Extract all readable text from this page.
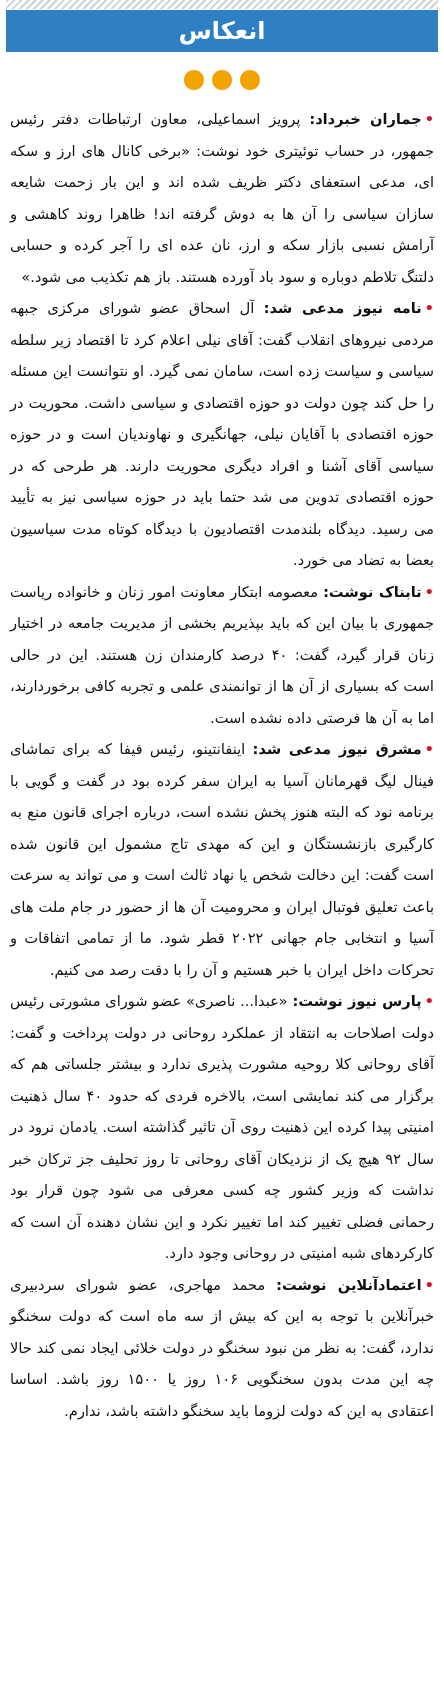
انعکاس

•جماران خبرداد: پرویز اسماعیلی، معاون ارتباطات دفتر رئیس جمهور، در حساب توئیتری خود نوشت: «برخی کانال های ارز و سکه ای، مدعی استعفای دکتر ظریف شده اند و این بار زحمت شایعه سازان سیاسی را آن ها به دوش گرفته اند! ظاهرا روند کاهشی و آرامش نسبی بازار سکه و ارز، نان عده ای را آجر کرده و حسابی دلتنگ تلاطم دوباره و سود باد آورده هستند. باز هم تکذیب می شود.»

•نامه نیوز مدعی شد: آل اسحاق عضو شورای مرکزی جبهه مردمی نیروهای انقلاب گفت: آقای نیلی اعلام کرد تا اقتصاد زیر سلطه سیاسی و سیاست زده است، سامان نمی گیرد. او نتوانست این مسئله را حل کند چون دولت دو حوزه اقتصادی و سیاسی داشت. محوریت در حوزه اقتصادی با آقایان نیلی، جهانگیری و نهاوندیان است و در حوزه سیاسی آقای آشنا و افراد دیگری محوریت دارند. هر طرحی که در حوزه اقتصادی تدوین می شد حتما باید در حوزه سیاسی نیز به تأیید می رسید. دیدگاه بلندمدت اقتصادیون با دیدگاه کوتاه مدت سیاسیون بعضا به تضاد می خورد.

•تابناک نوشت: معصومه ابتکار معاونت امور زنان و خانواده ریاست جمهوری با بیان این که باید بپذیریم بخشی از مدیریت جامعه در اختیار زنان قرار گیرد، گفت: ۴۰ درصد کارمندان زن هستند. این در حالی است که بسیاری از آن ها از توانمندی علمی و تجربه کافی برخوردارند، اما به آن ها فرصتی داده نشده است.

•مشرق نیوز مدعی شد: اینفانتینو، رئیس فیفا که برای تماشای فینال لیگ قهرمانان آسیا به ایران سفر کرده بود در گفت و گویی با برنامه نود که البته هنوز پخش نشده است، درباره اجرای قانون منع به کارگیری بازنشستگان و این که مهدی تاج مشمول این قانون شده است گفت: این دخالت شخص یا نهاد ثالث است و می تواند به سرعت باعث تعلیق فوتبال ایران و محرومیت آن ها از حضور در جام ملت های آسیا و انتخابی جام جهانی ۲۰۲۲ قطر شود. ما از تمامی اتفاقات و تحرکات داخل ایران با خبر هستیم و آن را با دقت رصد می کنیم.

•پارس نیوز نوشت: «عبدا... ناصری» عضو شورای مشورتی رئیس دولت اصلاحات به انتقاد از عملکرد روحانی در دولت پرداخت و گفت: آقای روحانی کلا روحیه مشورت پذیری ندارد و بیشتر جلساتی هم که برگزار می کند نمایشی است، بالاخره فردی که حدود ۴۰ سال ذهنیت امنیتی پیدا کرده این ذهنیت روی آن تاثیر گذاشته است. یادمان نرود در سال ۹۲ هیچ یک از نزدیکان آقای روحانی تا روز تحلیف جز ترکان خبر نداشت که وزیر کشور چه کسی معرفی می شود چون قرار بود رحمانی فضلی تغییر کند اما تغییر نکرد و این نشان دهنده آن است که کارکردهای شبه امنیتی در روحانی وجود دارد.

•اعتمادآنلاین نوشت: محمد مهاجری، عضو شورای سردبیری خبرآنلاین با توجه به این که بیش از سه ماه است که دولت سخنگو ندارد، گفت: به نظر من نبود سخنگو در دولت خلائی ایجاد نمی کند حالا چه این مدت بدون سخنگویی ۱۰۶ روز یا ۱۵۰۰ روز باشد. اساسا اعتقادی به این که دولت لزوما باید سخنگو داشته باشد، ندارم.
